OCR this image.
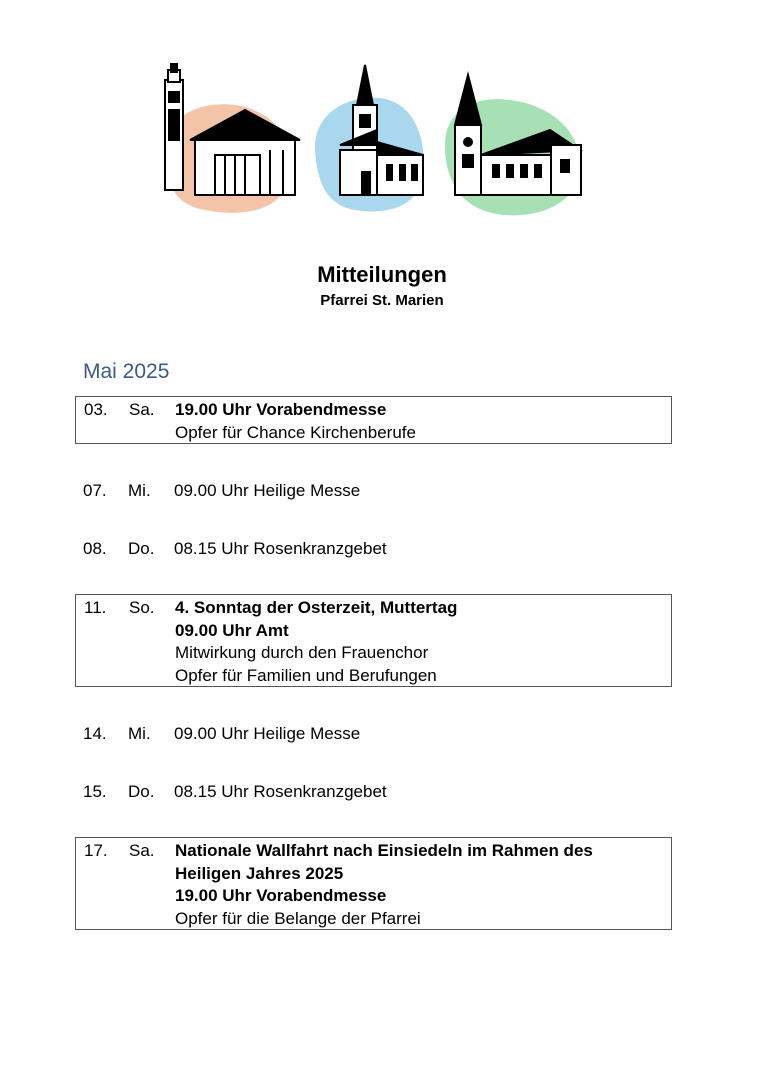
Mitteilungen
Pfarrei St. Marien
Mai 2025
03. Sa. 19.00 Uhr Vorabendmesse
Opfer für Chance Kirchenberufe
07. Mi. 09.00 Uhr Heilige Messe
08. Do. 08.15 Uhr Rosenkranzgebet
11. So. 4. Sonntag der Osterzeit, Muttertag
09.00 Uhr Amt
Mitwirkung durch den Frauenchor
Opfer für Familien und Berufungen
14. Mi. 09.00 Uhr Heilige Messe
15. Do. 08.15 Uhr Rosenkranzgebet
17. Sa. Nationale Wallfahrt nach Einsiedeln im Rahmen des
Heiligen Jahres 2025
19.00 Uhr Vorabendmesse
Opfer für die Belange der Pfarrei
